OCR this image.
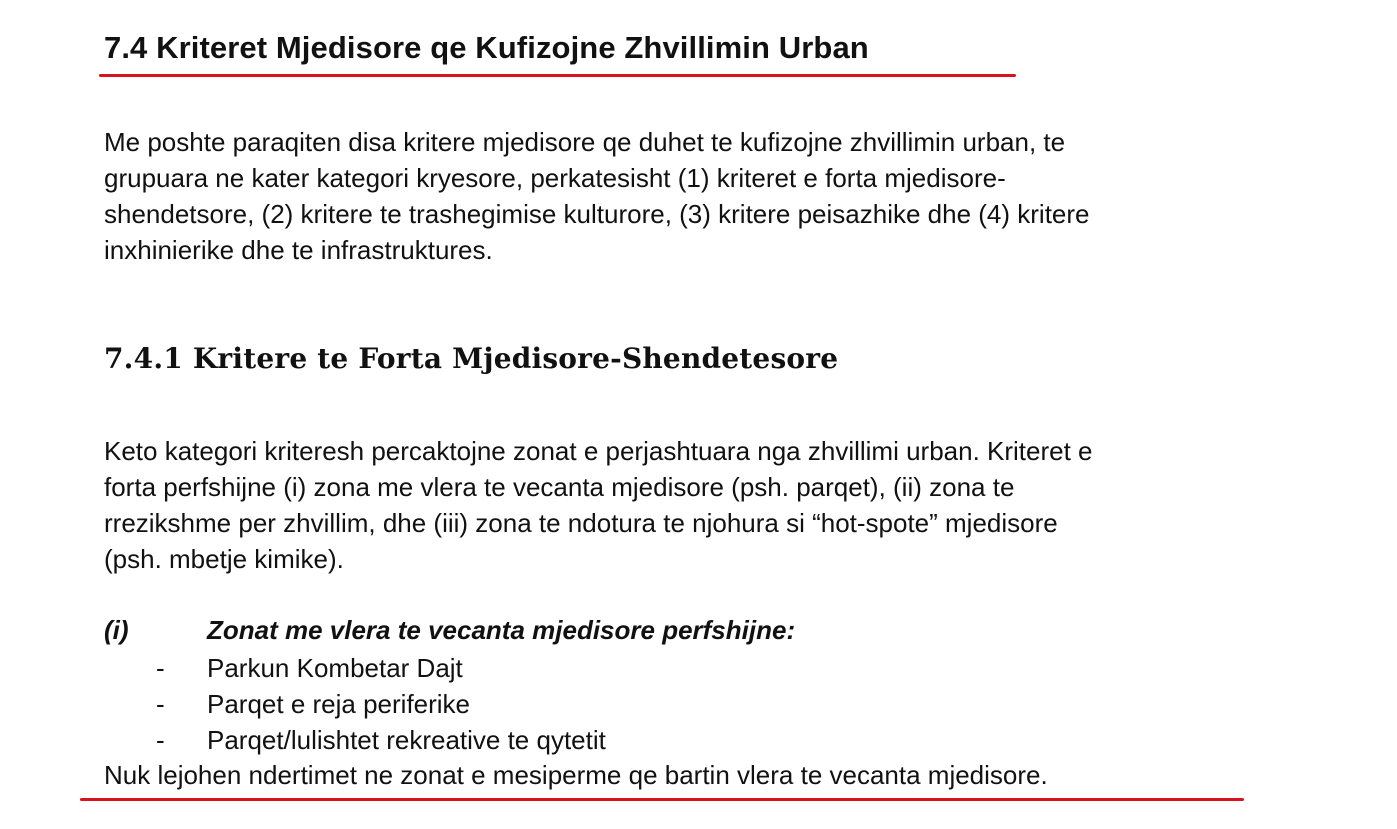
7.4 Kriteret Mjedisore qe Kufizojne Zhvillimin Urban
Me poshte paraqiten disa kritere mjedisore qe duhet te kufizojne zhvillimin urban, te
grupuara ne kater kategori kryesore, perkatesisht (1) kriteret e forta mjedisore-
shendetsore, (2) kritere te trashegimise kulturore, (3) kritere peisazhike dhe (4) kritere
inxhinierike dhe te infrastruktures.
7.4.1 Kritere te Forta Mjedisore-Shendetesore
Keto kategori kriteresh percaktojne zonat e perjashtuara nga zhvillimi urban. Kriteret e
forta perfshijne (i) zona me vlera te vecanta mjedisore (psh. parqet), (ii) zona te
rrezikshme per zhvillim, dhe (iii) zona te ndotura te njohura si “hot-spote” mjedisore
(psh. mbetje kimike).
(i)	Zonat me vlera te vecanta mjedisore perfshijne:
- Parkun Kombetar Dajt
- Parqet e reja periferike
- Parqet/lulishtet rekreative te qytetit
Nuk lejohen ndertimet ne zonat e mesiperme qe bartin vlera te vecanta mjedisore.
